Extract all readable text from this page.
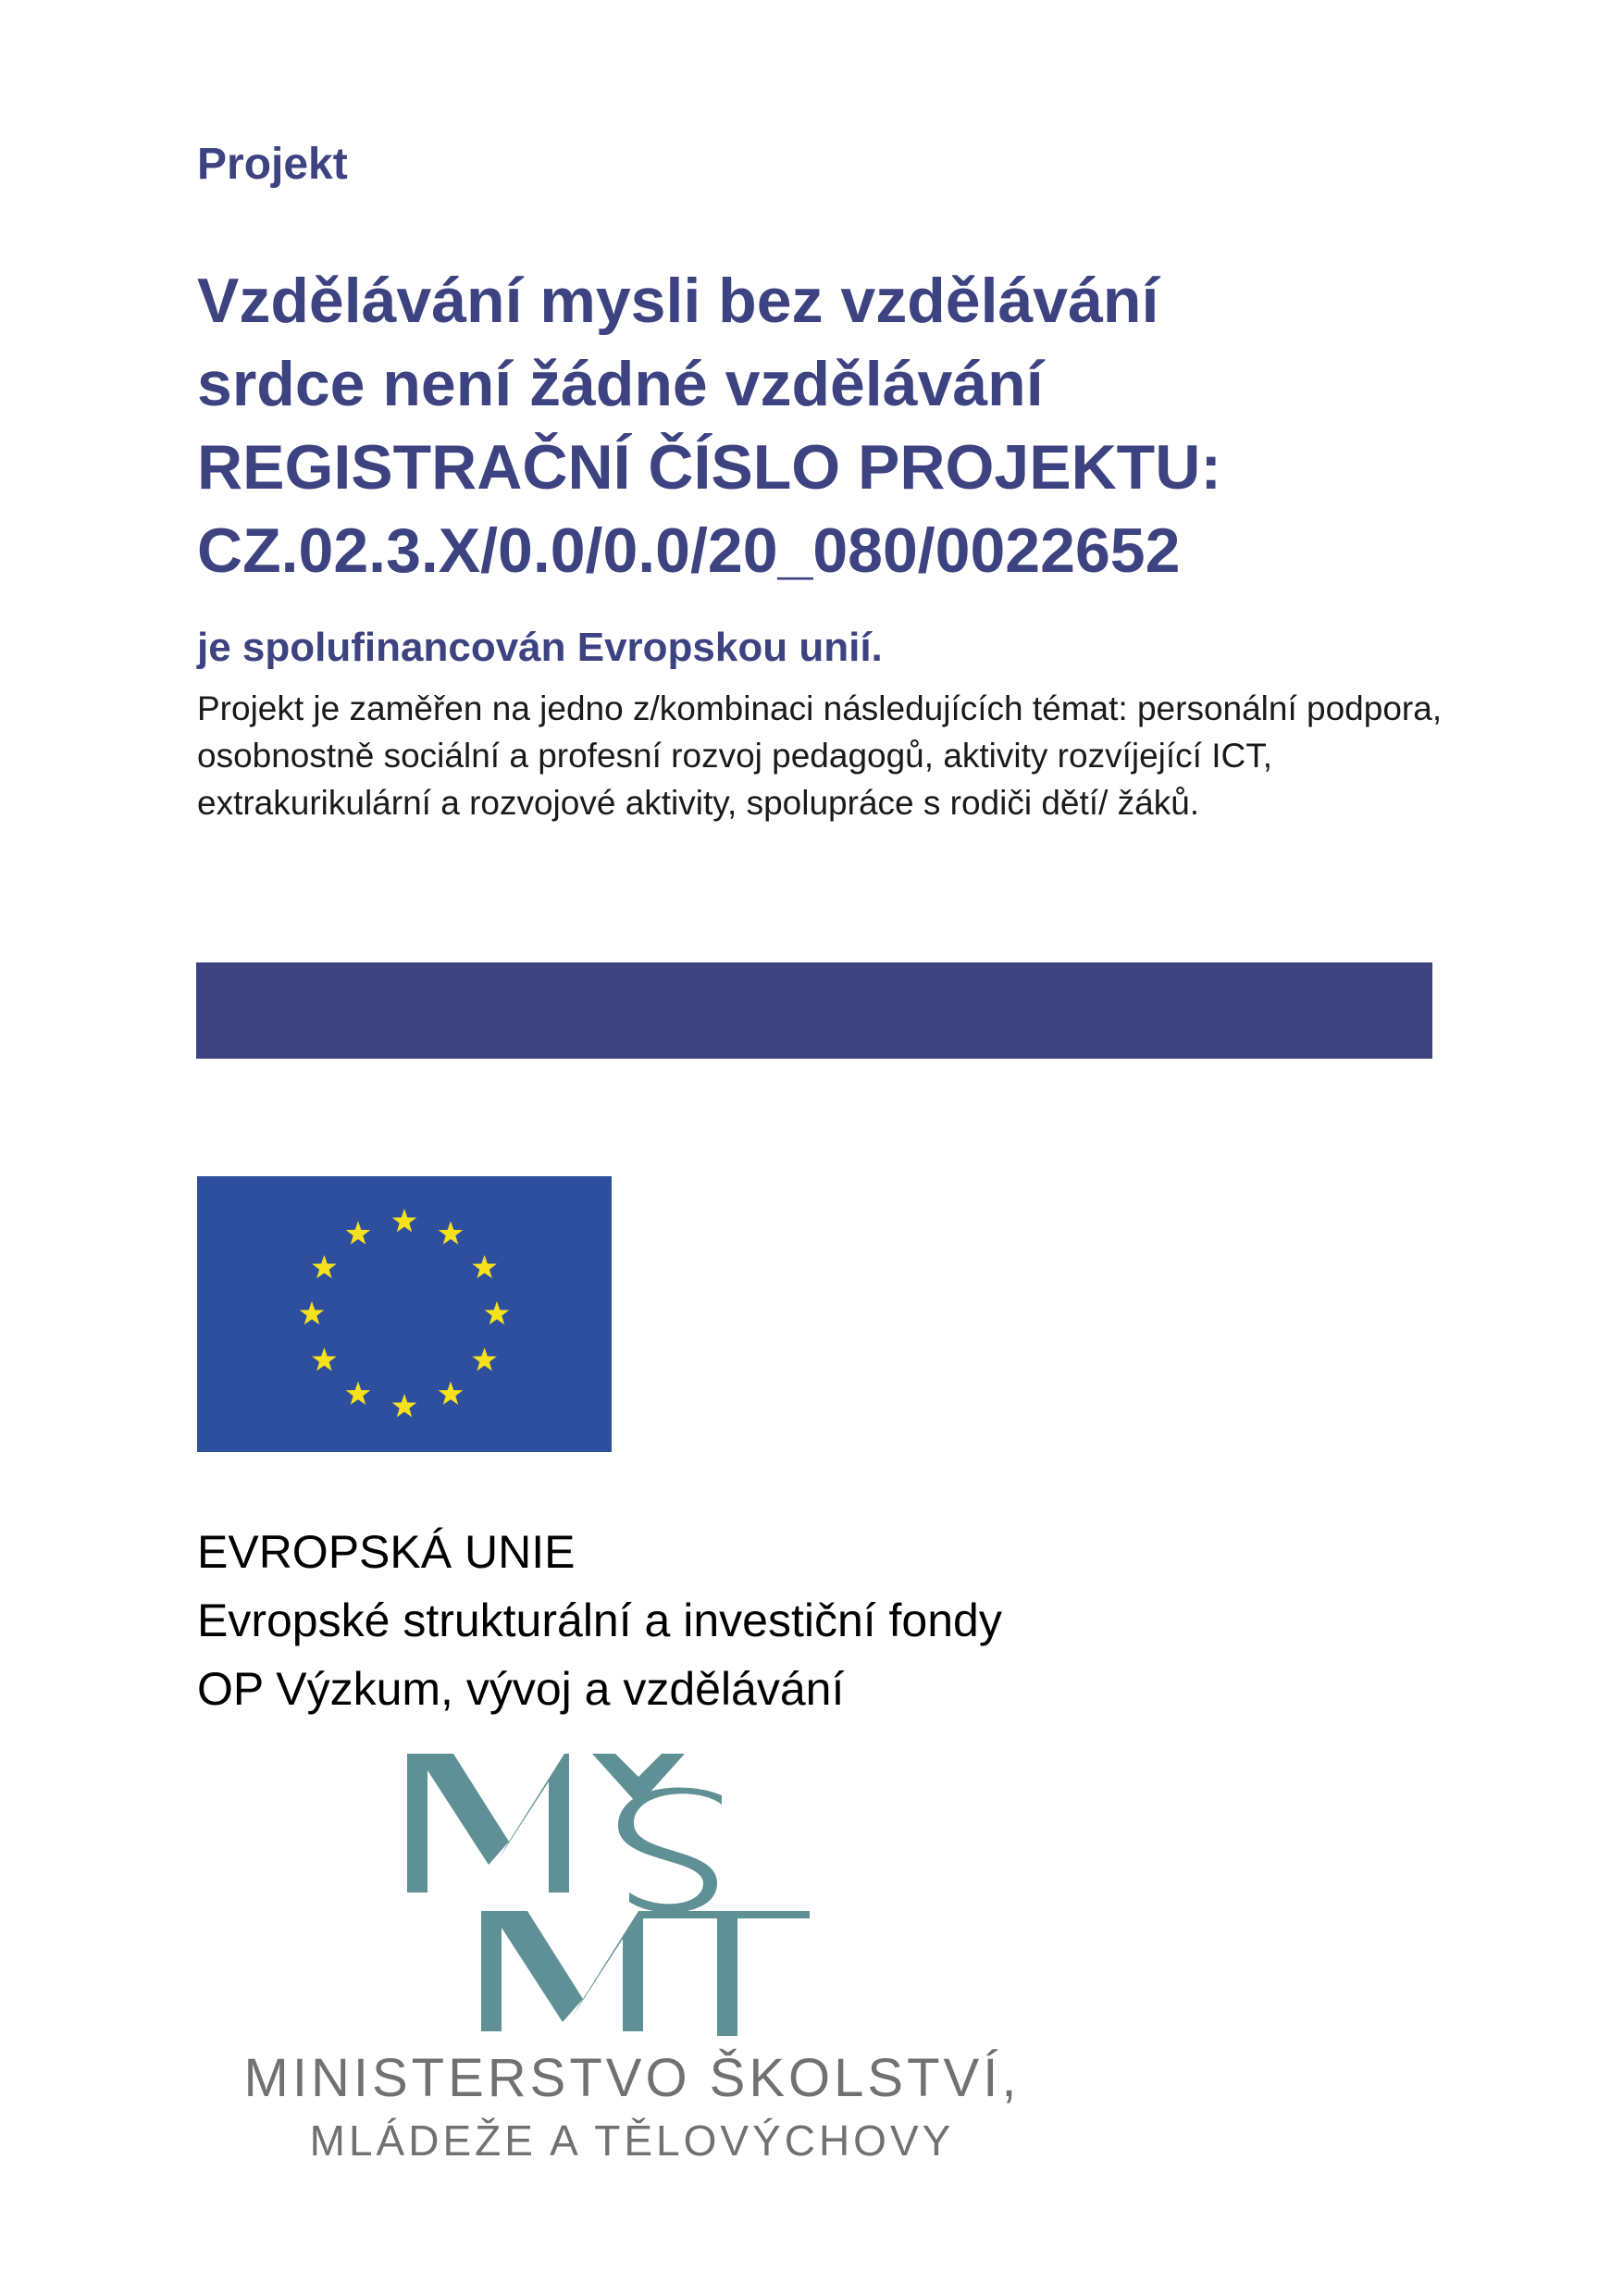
Projekt
Vzdělávání mysli bez vzdělávání
srdce není žádné vzdělávání
REGISTRAČNÍ ČÍSLO PROJEKTU:
CZ.02.3.X/0.0/0.0/20_080/0022652
je spolufinancován Evropskou unií.
Projekt je zaměřen na jedno z/kombinaci následujících témat: personální podpora, osobnostně sociální a profesní rozvoj pedagogů, aktivity rozvíjející ICT, extrakurikulární a rozvojové aktivity, spolupráce s rodiči dětí/ žáků.
EVROPSKÁ UNIE
Evropské strukturální a investiční fondy
OP Výzkum, vývoj a vzdělávání
MINISTERSTVO ŠKOLSTVÍ,
MLÁDEŽE A TĚLOVÝCHOVY
